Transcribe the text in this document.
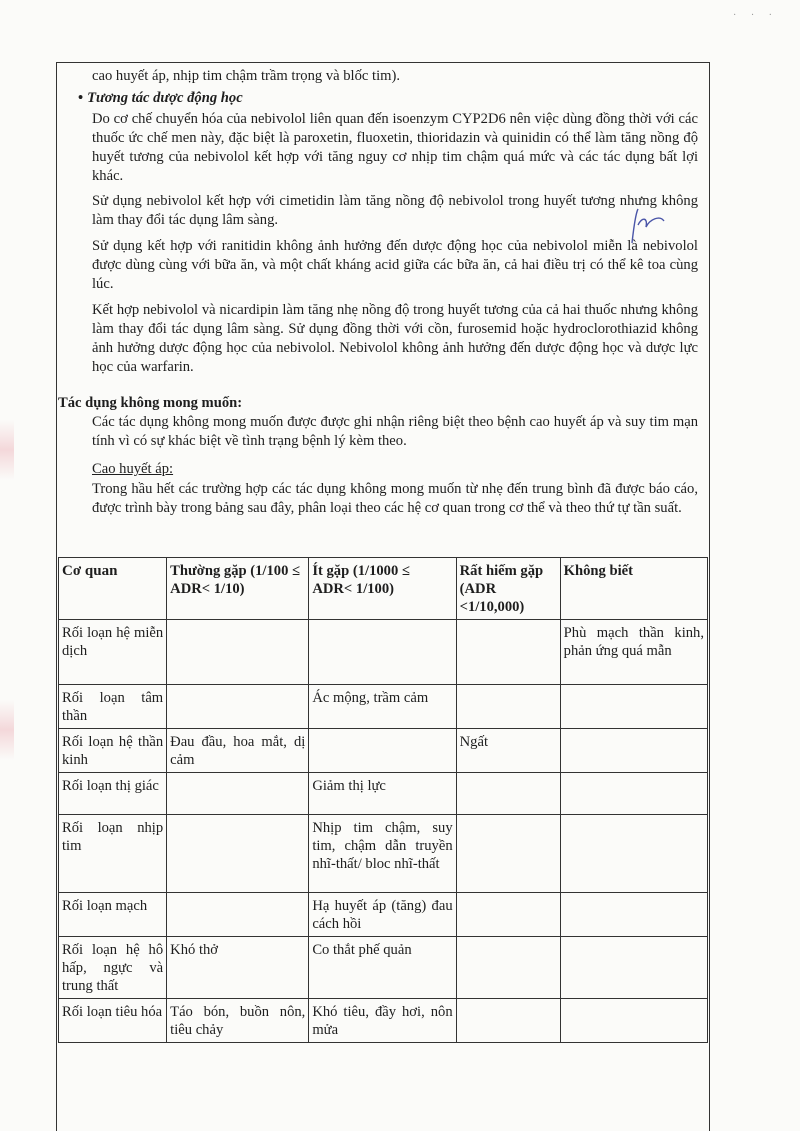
· · ·
cao huyết áp, nhịp tim chậm trầm trọng và blốc tim).
• Tương tác dược động học
Do cơ chế chuyển hóa của nebivolol liên quan đến isoenzym CYP2D6 nên việc dùng đồng thời với các thuốc ức chế men này, đặc biệt là paroxetin, fluoxetin, thioridazin và quinidin có thể làm tăng nồng độ huyết tương của nebivolol kết hợp với tăng nguy cơ nhịp tim chậm quá mức và các tác dụng bất lợi khác.
Sử dụng nebivolol kết hợp với cimetidin làm tăng nồng độ nebivolol trong huyết tương nhưng không làm thay đổi tác dụng lâm sàng.
Sử dụng kết hợp với ranitidin không ảnh hưởng đến dược động học của nebivolol miễn là nebivolol được dùng cùng với bữa ăn, và một chất kháng acid giữa các bữa ăn, cả hai điều trị có thể kê toa cùng lúc.
Kết hợp nebivolol và nicardipin làm tăng nhẹ nồng độ trong huyết tương của cả hai thuốc nhưng không làm thay đổi tác dụng lâm sàng. Sử dụng đồng thời với cồn, furosemid hoặc hydroclorothiazid không ảnh hưởng dược động học của nebivolol. Nebivolol không ảnh hưởng đến dược động học và dược lực học của warfarin.
Tác dụng không mong muốn:
Các tác dụng không mong muốn được được ghi nhận riêng biệt theo bệnh cao huyết áp và suy tim mạn tính vì có sự khác biệt về tình trạng bệnh lý kèm theo.
Cao huyết áp:
Trong hầu hết các trường hợp các tác dụng không mong muốn từ nhẹ đến trung bình đã được báo cáo, được trình bày trong bảng sau đây, phân loại theo các hệ cơ quan trong cơ thể và theo thứ tự tần suất.
Cơ quan	Thường gặp (1/100 ≤ ADR< 1/10)	Ít gặp (1/1000 ≤ ADR< 1/100)	Rất hiếm gặp (ADR <1/10,000)	Không biết
Rối loạn hệ miễn dịch				Phù mạch thần kinh, phản ứng quá mẫn
Rối loạn tâm thần		Ác mộng, trầm cảm		
Rối loạn hệ thần kinh	Đau đầu, hoa mắt, dị cảm		Ngất	
Rối loạn thị giác		Giảm thị lực		
Rối loạn nhịp tim		Nhịp tim chậm, suy tim, chậm dẫn truyền nhĩ-thất/ bloc nhĩ-thất		
Rối loạn mạch		Hạ huyết áp (tăng) đau cách hồi		
Rối loạn hệ hô hấp, ngực và trung thất	Khó thở	Co thắt phế quản		
Rối loạn tiêu hóa	Táo bón, buồn nôn, tiêu chảy	Khó tiêu, đầy hơi, nôn mửa		
